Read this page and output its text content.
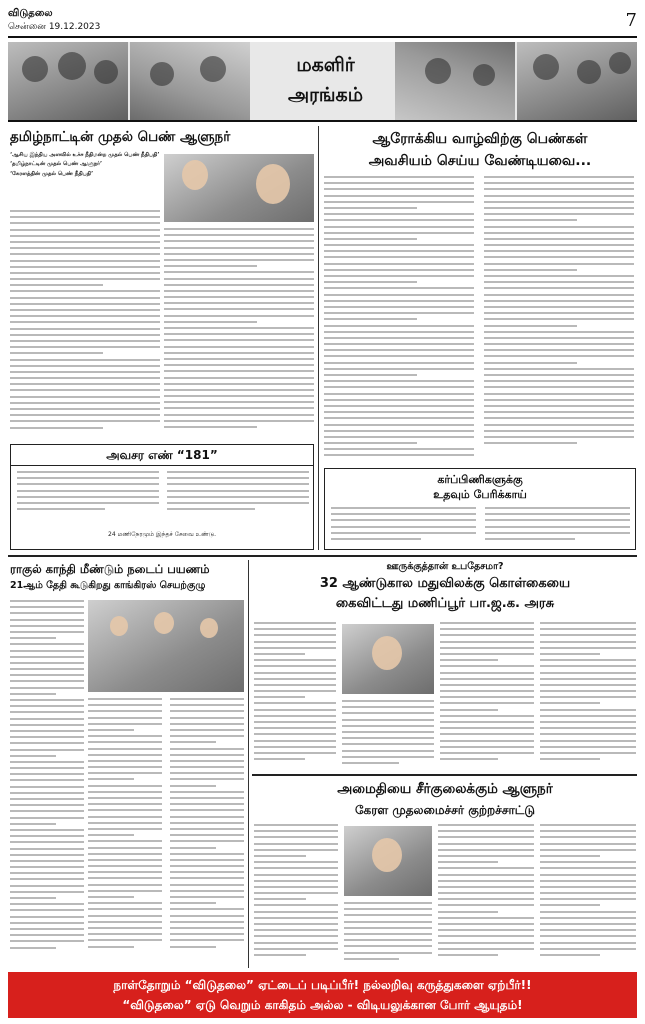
விடுதலை
சென்னை 19.12.2023	7
மகளிர்
அரங்கம்
தமிழ்நாட்டின் முதல் பெண் ஆளுநர்

‘ஆசிய இந்திய அளவில் உச்ச நீதிமன்ற முதல் பெண் நீதிபதி’

‘தமிழ்நாட்டின் முதல் பெண் ஆளுநர்’

‘கேரளத்தின் முதல் பெண் நீதிபதி’

அவசர எண் “181”
24 மணிநேரமும் இந்தச் சேவை உண்டு.
ஆரோக்கிய வாழ்விற்கு பெண்கள்
அவசியம் செய்ய வேண்டியவை...
கர்ப்பிணிகளுக்கு
உதவும் பேரிக்காய்
ராகுல் காந்தி மீண்டும் நடைப் பயணம்
21ஆம் தேதி கூடுகிறது காங்கிரஸ் செயற்குழு
ஊருக்குத்தான் உபதேசமா?
32 ஆண்டுகால மதுவிலக்கு கொள்கையை
கைவிட்டது மணிப்பூர் பா.ஜ.க. அரசு
அமைதியை சீர்குலைக்கும் ஆளுநர்
கேரள முதலமைச்சர் குற்றச்சாட்டு
நாள்தோறும் “விடுதலை” ஏட்டைப் படிப்பீர்! நல்லறிவு கருத்துகளை ஏற்பீர்!!
“விடுதலை” ஏடு வெறும் காகிதம் அல்ல - விடியலுக்கான போர் ஆயுதம்!
